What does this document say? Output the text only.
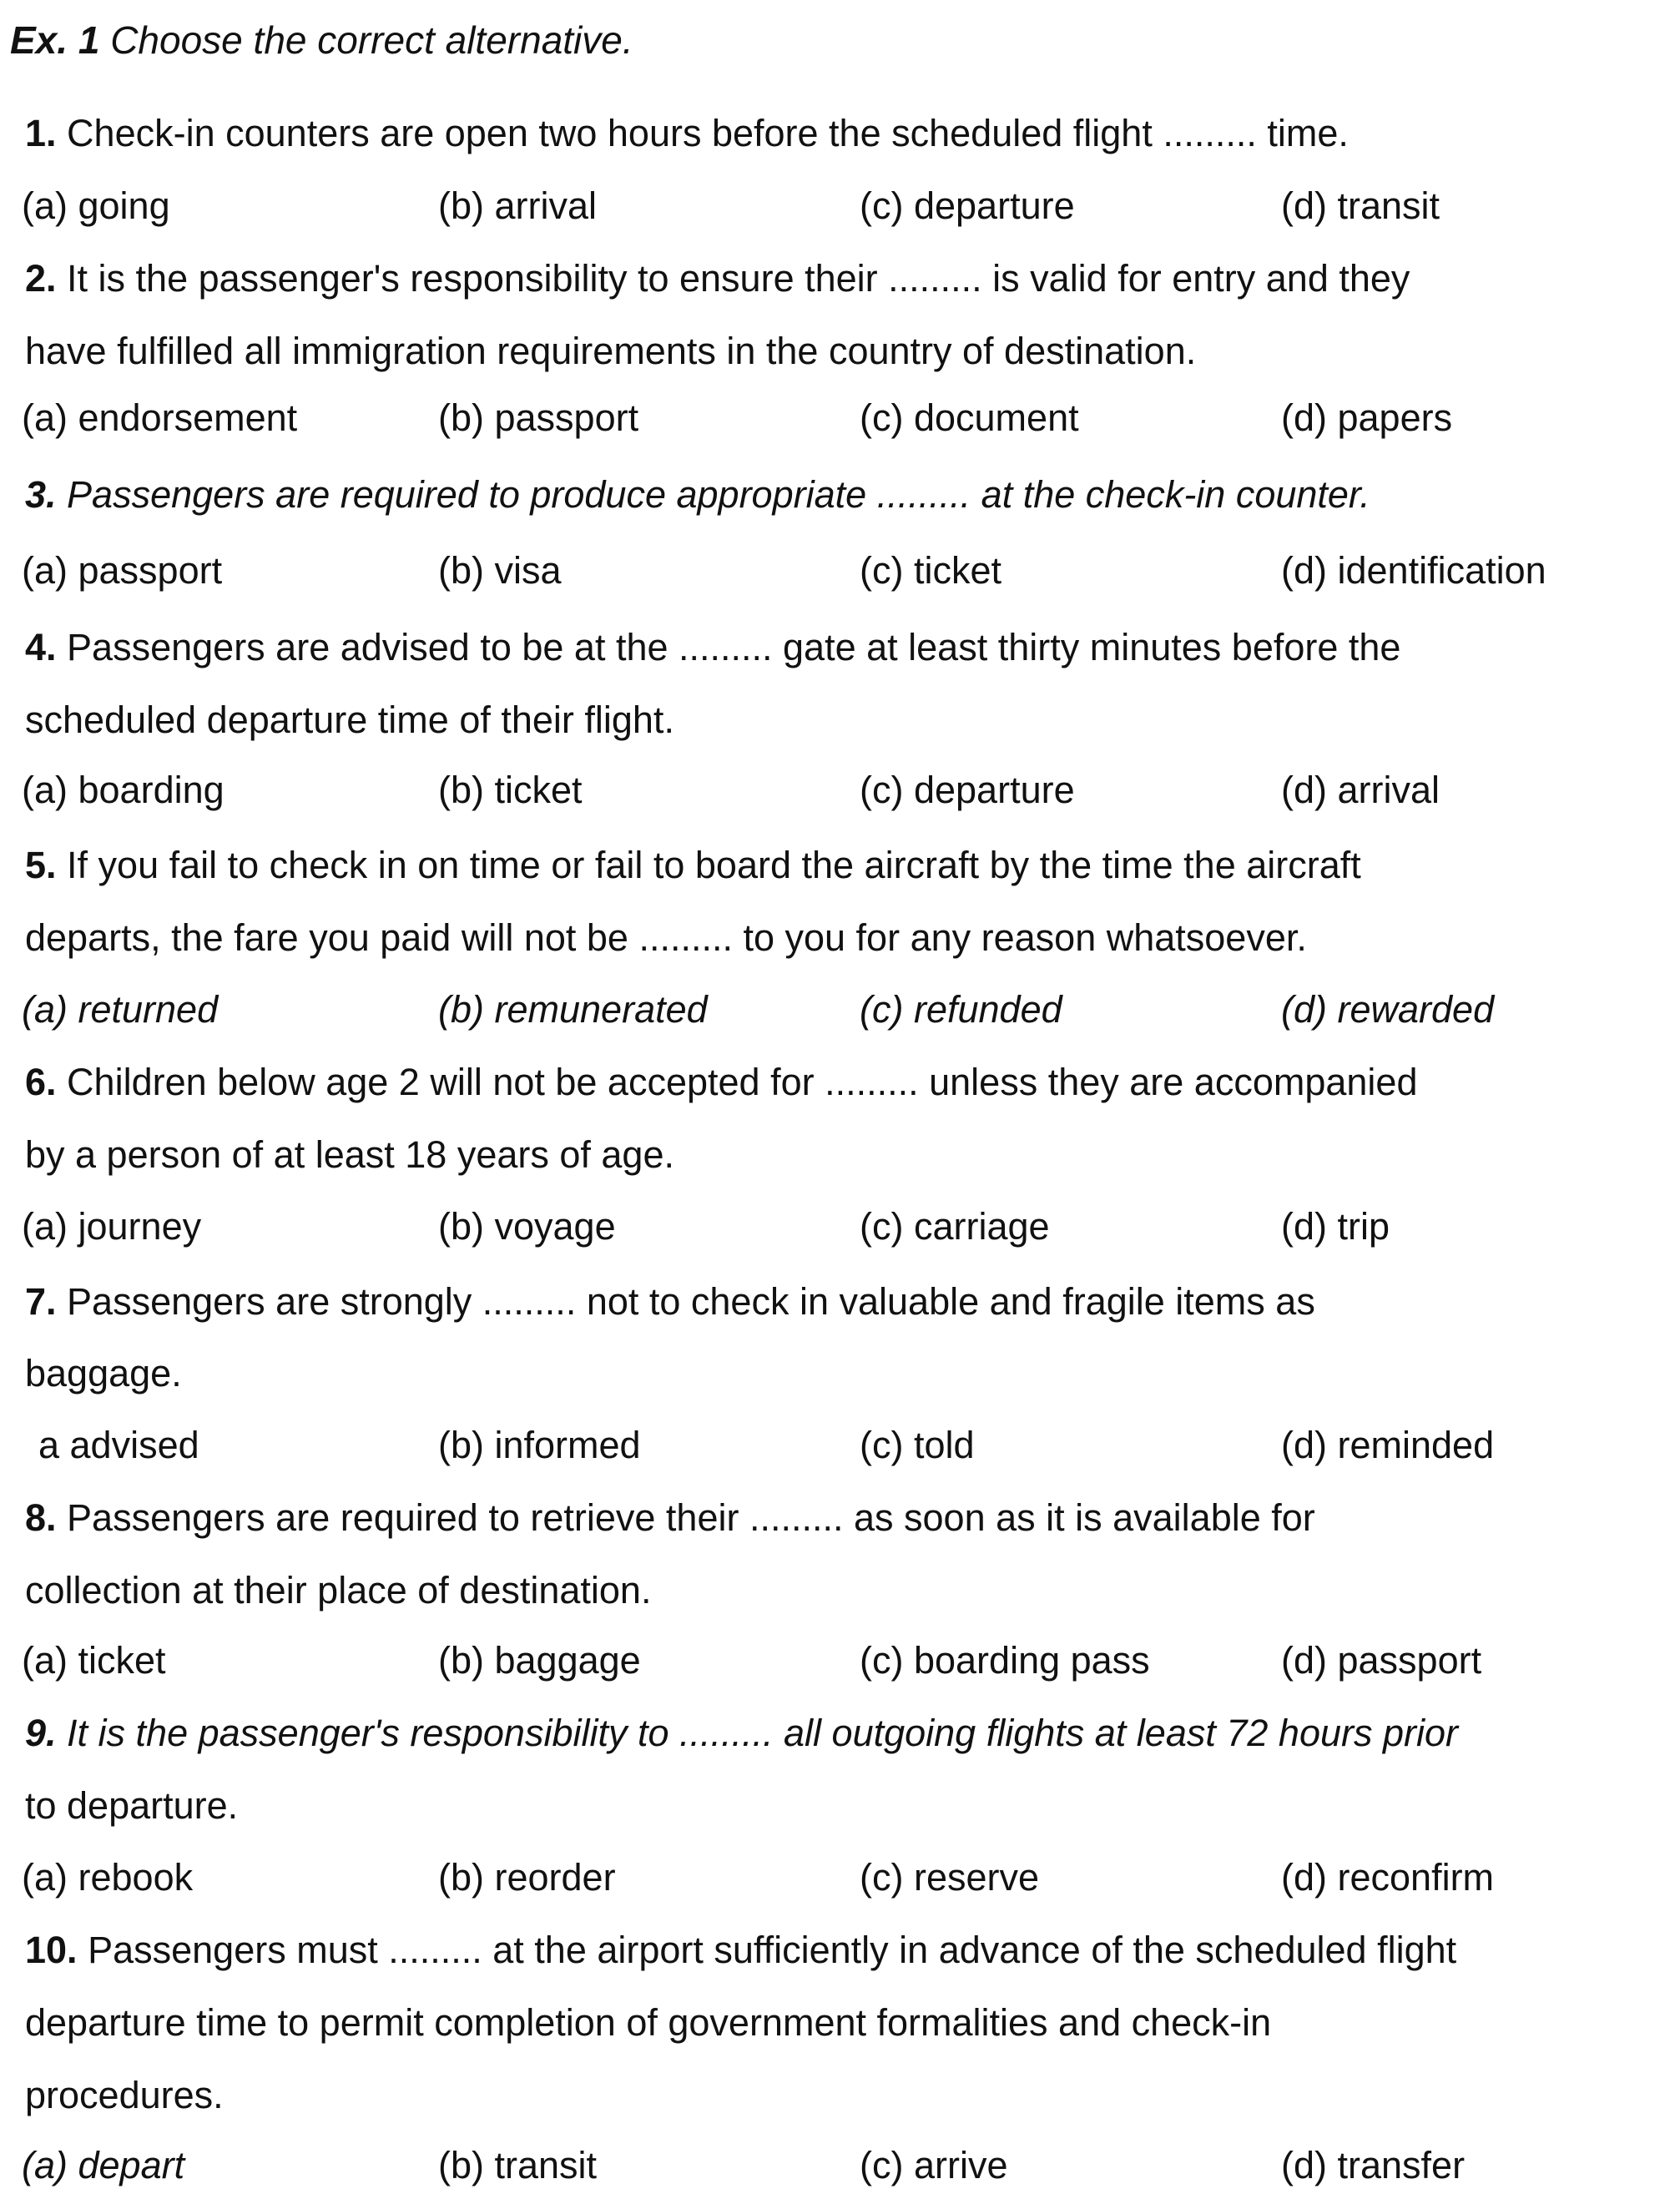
Ex. 1 Choose the correct alternative.
1. Check-in counters are open two hours before the scheduled flight ......... time.
(a) going	(b) arrival	(c) departure	(d) transit
2. It is the passenger's responsibility to ensure their ......... is valid for entry and they
have fulfilled all immigration requirements in the country of destination.
(a) endorsement	(b) passport	(c) document	(d) papers
3. Passengers are required to produce appropriate ......... at the check-in counter.
(a) passport	(b) visa	(c) ticket	(d) identification
4. Passengers are advised to be at the ......... gate at least thirty minutes before the
scheduled departure time of their flight.
(a) boarding	(b) ticket	(c) departure	(d) arrival
5. If you fail to check in on time or fail to board the aircraft by the time the aircraft
departs, the fare you paid will not be ......... to you for any reason whatsoever.
(a) returned	(b) remunerated	(c) refunded	(d) rewarded
6. Children below age 2 will not be accepted for ......... unless they are accompanied
by a person of at least 18 years of age.
(a) journey	(b) voyage	(c) carriage	(d) trip
7. Passengers are strongly ......... not to check in valuable and fragile items as
baggage.
a advised	(b) informed	(c) told	(d) reminded
8. Passengers are required to retrieve their ......... as soon as it is available for
collection at their place of destination.
(a) ticket	(b) baggage	(c) boarding pass	(d) passport
9. It is the passenger's responsibility to ......... all outgoing flights at least 72 hours prior
to departure.
(a) rebook	(b) reorder	(c) reserve	(d) reconfirm
10. Passengers must ......... at the airport sufficiently in advance of the scheduled flight
departure time to permit completion of government formalities and check-in
procedures.
(a) depart	(b) transit	(c) arrive	(d) transfer
